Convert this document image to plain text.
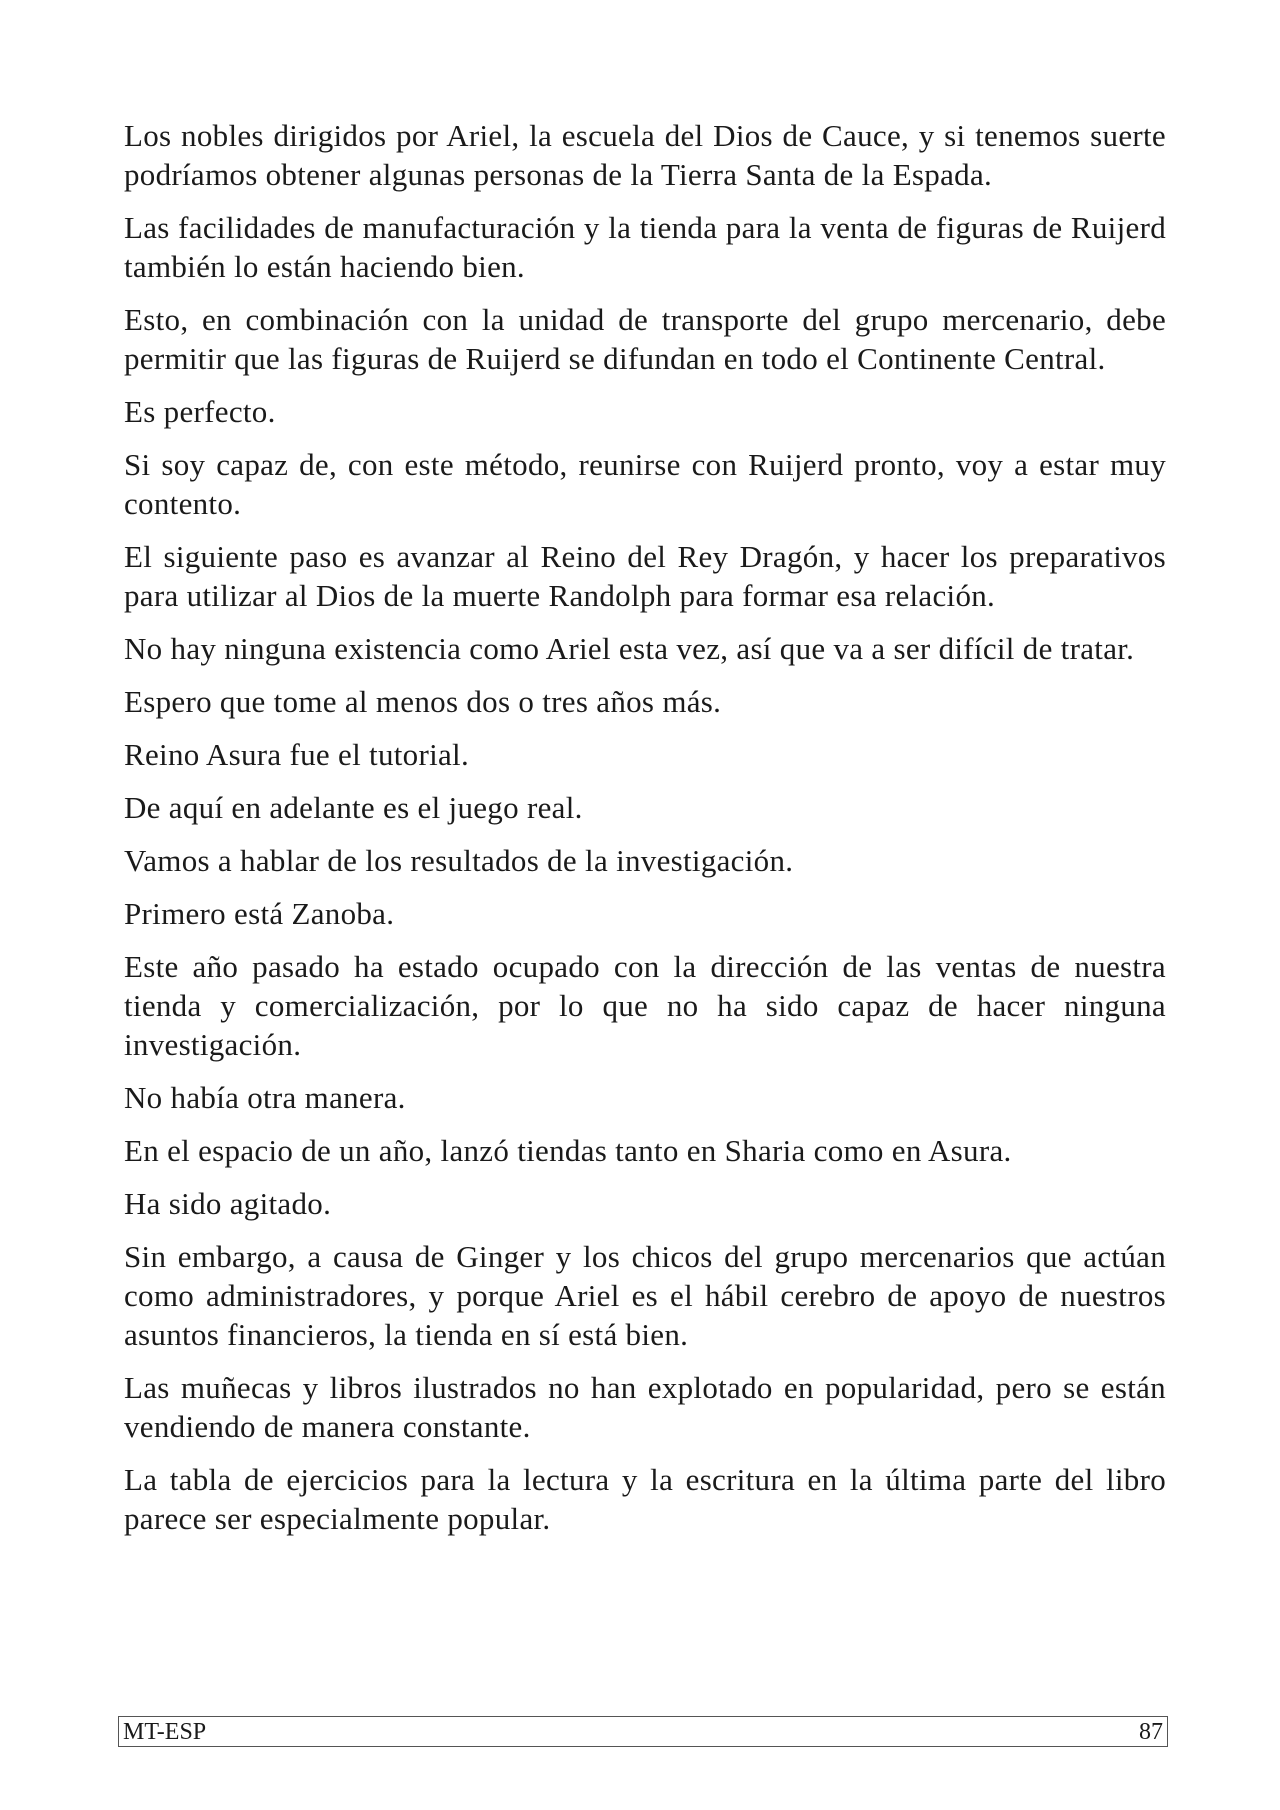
Los nobles dirigidos por Ariel, la escuela del Dios de Cauce, y si tenemos suerte podríamos obtener algunas personas de la Tierra Santa de la Espada.

Las facilidades de manufacturación y la tienda para la venta de figuras de Ruijerd también lo están haciendo bien.

Esto, en combinación con la unidad de transporte del grupo mercenario, debe permitir que las figuras de Ruijerd se difundan en todo el Continente Central.

Es perfecto.

Si soy capaz de, con este método, reunirse con Ruijerd pronto, voy a estar muy contento.

El siguiente paso es avanzar al Reino del Rey Dragón, y hacer los preparativos para utilizar al Dios de la muerte Randolph para formar esa relación.

No hay ninguna existencia como Ariel esta vez, así que va a ser difícil de tratar.

Espero que tome al menos dos o tres años más.

Reino Asura fue el tutorial.

De aquí en adelante es el juego real.

Vamos a hablar de los resultados de la investigación.

Primero está Zanoba.

Este año pasado ha estado ocupado con la dirección de las ventas de nuestra tienda y comercialización, por lo que no ha sido capaz de hacer ninguna investigación.

No había otra manera.

En el espacio de un año, lanzó tiendas tanto en Sharia como en Asura.

Ha sido agitado.

Sin embargo, a causa de Ginger y los chicos del grupo mercenarios que actúan como administradores, y porque Ariel es el hábil cerebro de apoyo de nuestros asuntos financieros, la tienda en sí está bien.

Las muñecas y libros ilustrados no han explotado en popularidad, pero se están vendiendo de manera constante.

La tabla de ejercicios para la lectura y la escritura en la última parte del libro parece ser especialmente popular.

MT-ESP	87
